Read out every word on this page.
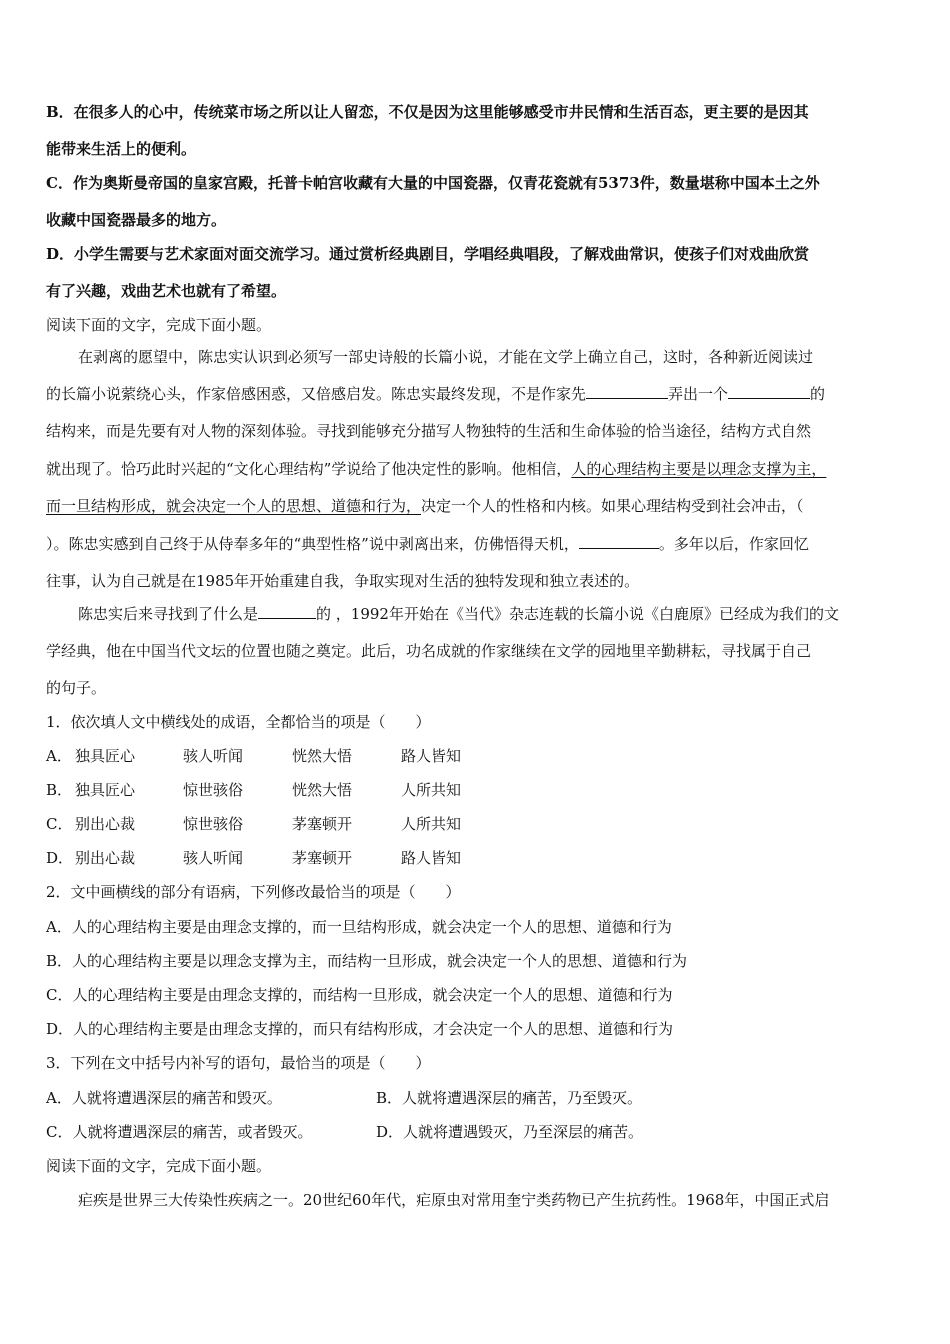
B．在很多人的心中，传统菜市场之所以让人留恋，不仅是因为这里能够感受市井民情和生活百态，更主要的是因其
能带来生活上的便利。
C．作为奥斯曼帝国的皇家宫殿，托普卡帕宫收藏有大量的中国瓷器，仅青花瓷就有5373件，数量堪称中国本土之外
收藏中国瓷器最多的地方。
D．小学生需要与艺术家面对面交流学习。通过赏析经典剧目，学唱经典唱段，了解戏曲常识，使孩子们对戏曲欣赏
有了兴趣，戏曲艺术也就有了希望。
阅读下面的文字，完成下面小题。
在剥离的愿望中，陈忠实认识到必须写一部史诗般的长篇小说，才能在文学上确立自己，这时，各种新近阅读过
的长篇小说萦绕心头，作家倍感困惑，又倍感启发。陈忠实最终发现，不是作家先	弄出一个	的
结构来，而是先要有对人物的深刻体验。寻找到能够充分描写人物独特的生活和生命体验的恰当途径，结构方式自然
就出现了。恰巧此时兴起的“文化心理结构”学说给了他决定性的影响。他相信，人的心理结构主要是以理念支撑为主，
而一旦结构形成，就会决定一个人的思想、道德和行为，决定一个人的性格和内核。如果心理结构受到社会冲击，（
）。陈忠实感到自己终于从侍奉多年的“典型性格”说中剥离出来，仿佛悟得天机，	。多年以后，作家回忆
往事，认为自己就是在1985年开始重建自我，争取实现对生活的独特发现和独立表述的。
陈忠实后来寻找到了什么是	的 ，1992年开始在《当代》杂志连载的长篇小说《白鹿原》已经成为我们的文
学经典，他在中国当代文坛的位置也随之奠定。此后，功名成就的作家继续在文学的园地里辛勤耕耘，寻找属于自己
的句子。
1．依次填人文中横线处的成语，全都恰当的项是（　　）
A． 独具匠心	骇人听闻	恍然大悟	路人皆知
B． 独具匠心	惊世骇俗	恍然大悟	人所共知
C． 别出心裁	惊世骇俗	茅塞顿开	人所共知
D． 别出心裁	骇人听闻	茅塞顿开	路人皆知
2．文中画横线的部分有语病，下列修改最恰当的项是（　　）
A．人的心理结构主要是由理念支撑的，而一旦结构形成，就会决定一个人的思想、道德和行为
B．人的心理结构主要是以理念支撑为主，而结构一旦形成，就会决定一个人的思想、道德和行为
C．人的心理结构主要是由理念支撑的，而结构一旦形成，就会决定一个人的思想、道德和行为
D．人的心理结构主要是由理念支撑的，而只有结构形成，才会决定一个人的思想、道德和行为
3．下列在文中括号内补写的语句，最恰当的项是（　　）
A．人就将遭遇深层的痛苦和毁灭。	B．人就将遭遇深层的痛苦，乃至毁灭。
C．人就将遭遇深层的痛苦，或者毁灭。	D．人就将遭遇毁灭，乃至深层的痛苦。
阅读下面的文字，完成下面小题。
疟疾是世界三大传染性疾病之一。20世纪60年代，疟原虫对常用奎宁类药物已产生抗药性。1968年，中国正式启
